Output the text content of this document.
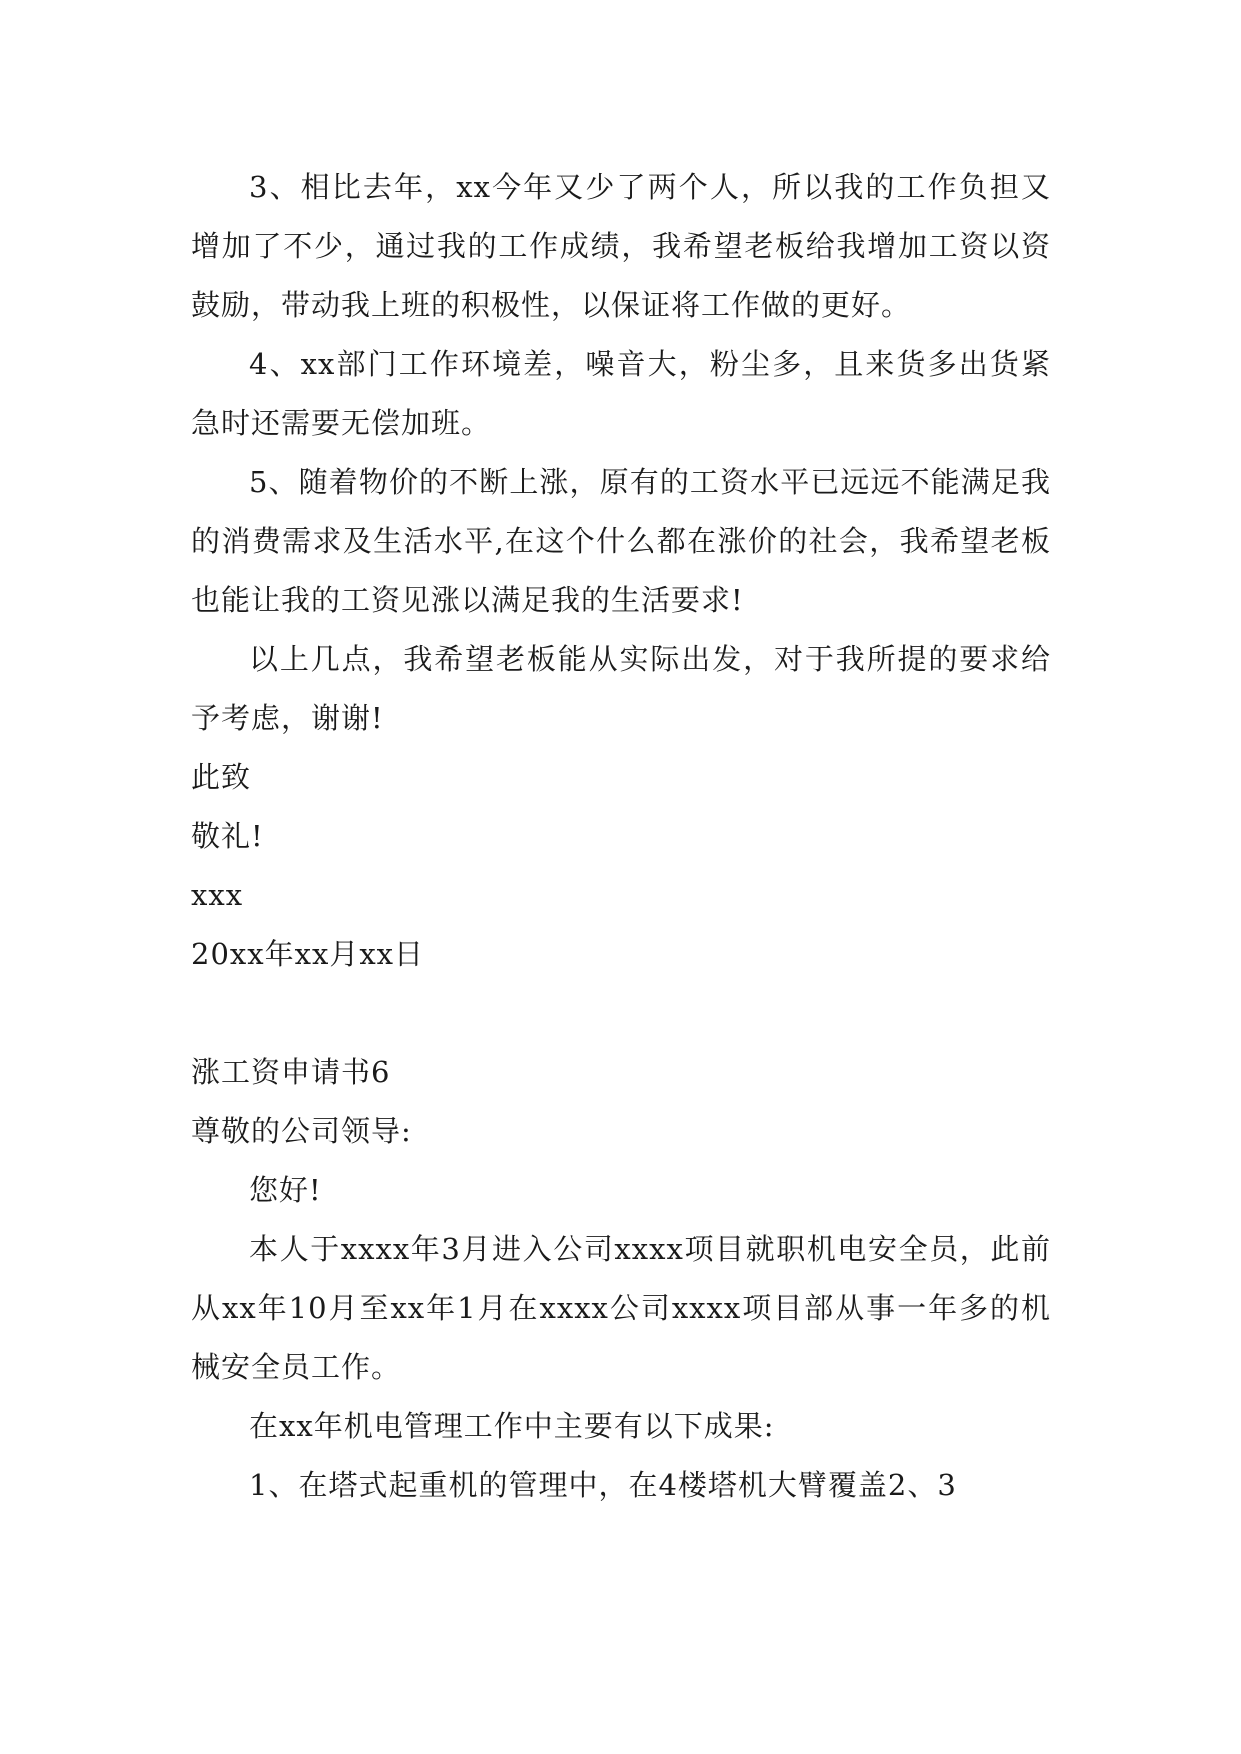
3、相比去年，xx今年又少了两个人，所以我的工作负担又增加了不少，通过我的工作成绩，我希望老板给我增加工资以资鼓励，带动我上班的积极性，以保证将工作做的更好。

4、xx部门工作环境差，噪音大，粉尘多，且来货多出货紧急时还需要无偿加班。

5、随着物价的不断上涨，原有的工资水平已远远不能满足我的消费需求及生活水平,在这个什么都在涨价的社会，我希望老板也能让我的工资见涨以满足我的生活要求!

以上几点，我希望老板能从实际出发，对于我所提的要求给予考虑，谢谢!

此致

敬礼!

xxx

20xx年xx月xx日

涨工资申请书6

尊敬的公司领导:

您好!

本人于xxxx年3月进入公司xxxx项目就职机电安全员，此前从xx年10月至xx年1月在xxxx公司xxxx项目部从事一年多的机械安全员工作。

在xx年机电管理工作中主要有以下成果:

1、在塔式起重机的管理中，在4楼塔机大臂覆盖2、3
